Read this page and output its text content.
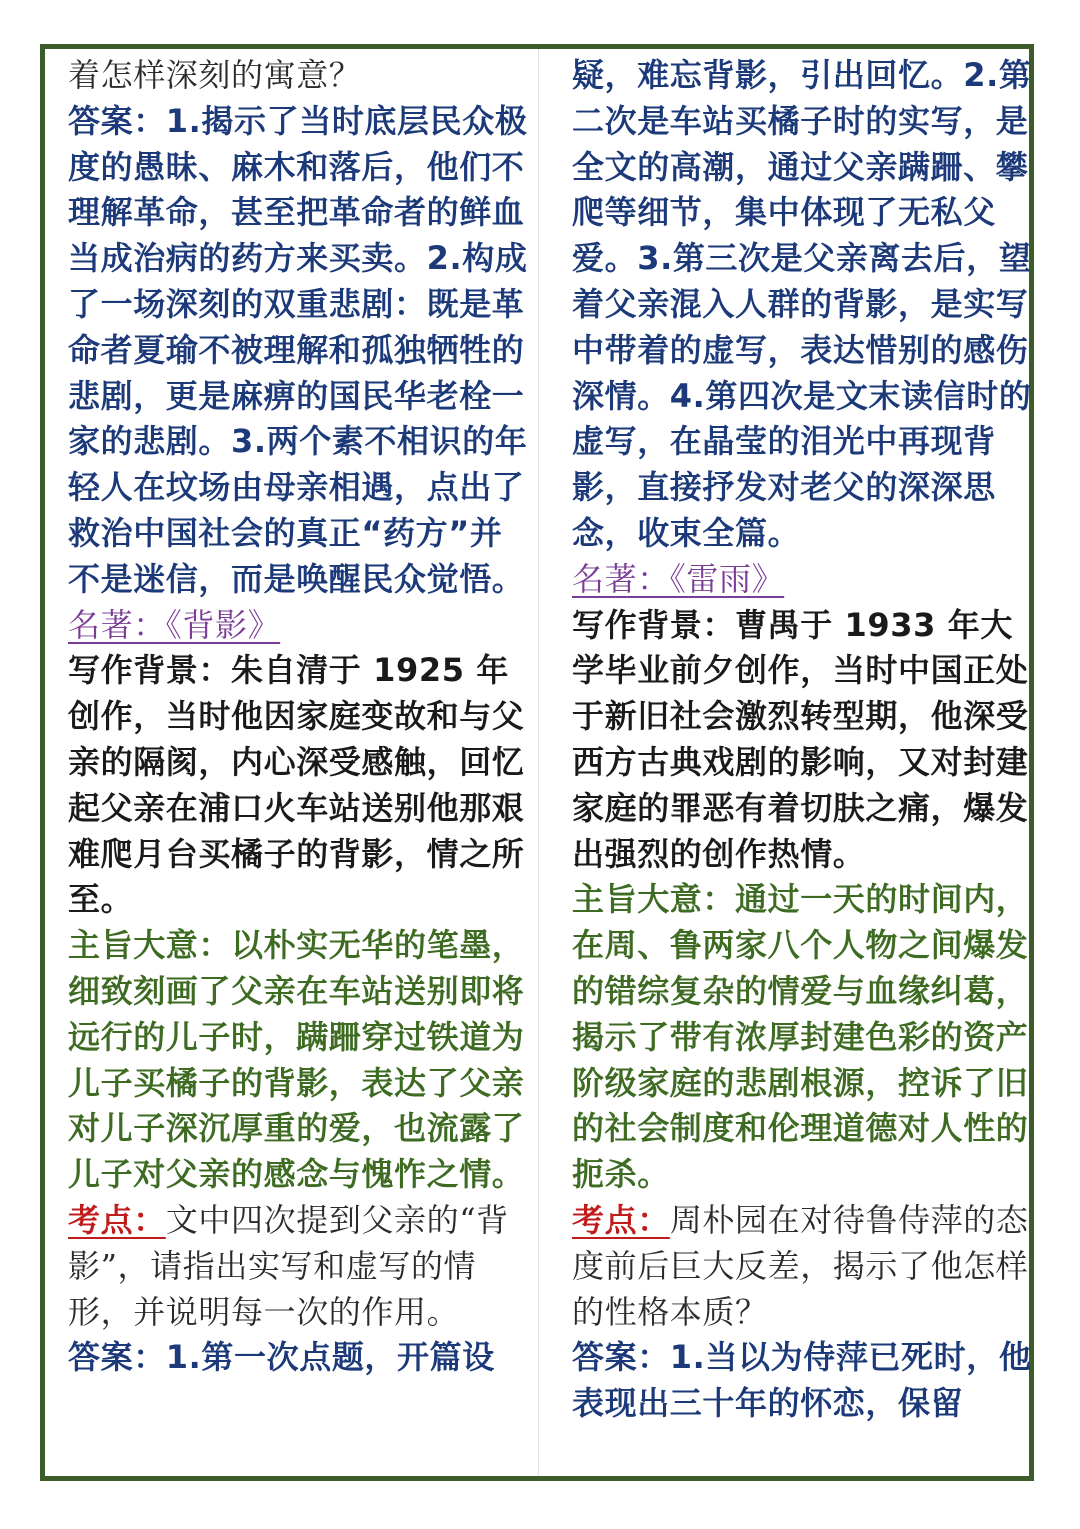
着怎样深刻的寓意？

答案：1.揭示了当时底层民众极度的愚昧、麻木和落后，他们不理解革命，甚至把革命者的鲜血当成治病的药方来买卖。2.构成了一场深刻的双重悲剧：既是革命者夏瑜不被理解和孤独牺牲的悲剧，更是麻痹的国民华老栓一家的悲剧。3.两个素不相识的年轻人在坟场由母亲相遇，点出了救治中国社会的真正“药方”并不是迷信，而是唤醒民众觉悟。

名著：《背影》

写作背景：朱自清于 1925 年创作，当时他因家庭变故和与父亲的隔阂，内心深受感触，回忆起父亲在浦口火车站送别他那艰难爬月台买橘子的背影，情之所至。

主旨大意：以朴实无华的笔墨，细致刻画了父亲在车站送别即将远行的儿子时，蹒跚穿过铁道为儿子买橘子的背影，表达了父亲对儿子深沉厚重的爱，也流露了儿子对父亲的感念与愧怍之情。

考点：文中四次提到父亲的“背影”，请指出实写和虚写的情形，并说明每一次的作用。

答案：1.第一次点题，开篇设

疑，难忘背影，引出回忆。2.第二次是车站买橘子时的实写，是全文的高潮，通过父亲蹒跚、攀爬等细节，集中体现了无私父爱。3.第三次是父亲离去后，望着父亲混入人群的背影，是实写中带着的虚写，表达惜别的感伤深情。4.第四次是文末读信时的虚写，在晶莹的泪光中再现背影，直接抒发对老父的深深思念，收束全篇。

名著：《雷雨》

写作背景：曹禺于 1933 年大学毕业前夕创作，当时中国正处于新旧社会激烈转型期，他深受西方古典戏剧的影响，又对封建家庭的罪恶有着切肤之痛，爆发出强烈的创作热情。

主旨大意：通过一天的时间内，在周、鲁两家八个人物之间爆发的错综复杂的情爱与血缘纠葛，揭示了带有浓厚封建色彩的资产阶级家庭的悲剧根源，控诉了旧的社会制度和伦理道德对人性的扼杀。

考点：周朴园在对待鲁侍萍的态度前后巨大反差，揭示了他怎样的性格本质？

答案：1.当以为侍萍已死时，他表现出三十年的怀恋，保留
